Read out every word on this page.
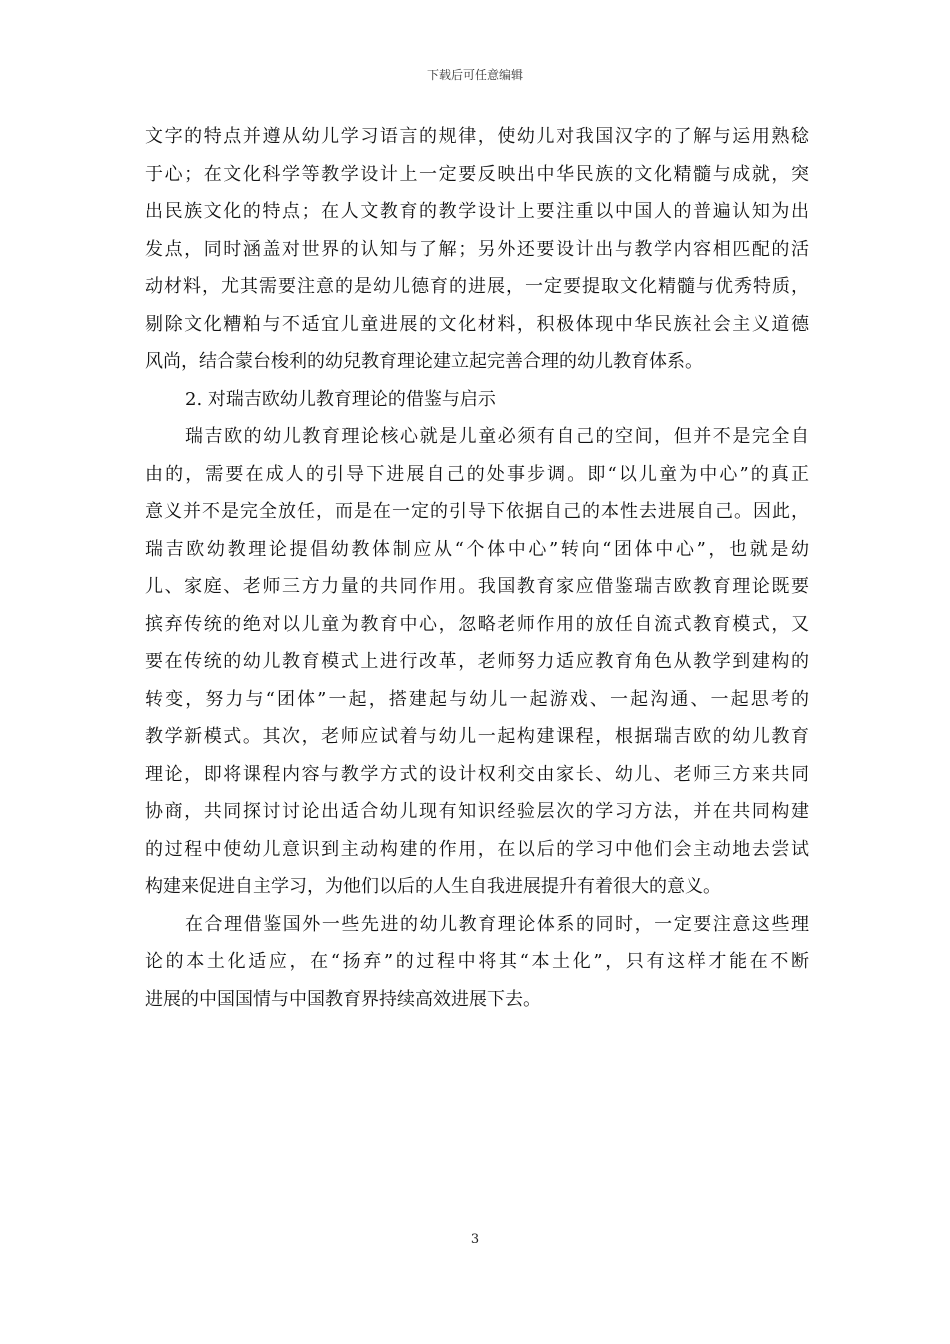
下载后可任意编辑
文字的特点并遵从幼儿学习语言的规律，使幼儿对我国汉字的了解与运用熟稔
于心；在文化科学等教学设计上一定要反映出中华民族的文化精髓与成就，突
出民族文化的特点；在人文教育的教学设计上要注重以中国人的普遍认知为出
发点，同时涵盖对世界的认知与了解；另外还要设计出与教学内容相匹配的活
动材料，尤其需要注意的是幼儿德育的进展，一定要提取文化精髓与优秀特质，
剔除文化糟粕与不适宜儿童进展的文化材料，积极体现中华民族社会主义道德
风尚，结合蒙台梭利的幼兒教育理论建立起完善合理的幼儿教育体系。
2. 对瑞吉欧幼儿教育理论的借鉴与启示
瑞吉欧的幼儿教育理论核心就是儿童必须有自己的空间，但并不是完全自
由的，需要在成人的引导下进展自己的处事步调。即“以儿童为中心”的真正
意义并不是完全放任，而是在一定的引导下依据自己的本性去进展自己。因此，
瑞吉欧幼教理论提倡幼教体制应从“个体中心”转向“团体中心”，也就是幼
儿、家庭、老师三方力量的共同作用。我国教育家应借鉴瑞吉欧教育理论既要
摈弃传统的绝对以儿童为教育中心，忽略老师作用的放任自流式教育模式，又
要在传统的幼儿教育模式上进行改革，老师努力适应教育角色从教学到建构的
转变，努力与“团体”一起，搭建起与幼儿一起游戏、一起沟通、一起思考的
教学新模式。其次，老师应试着与幼儿一起构建课程，根据瑞吉欧的幼儿教育
理论，即将课程内容与教学方式的设计权利交由家长、幼儿、老师三方来共同
协商，共同探讨讨论出适合幼儿现有知识经验层次的学习方法，并在共同构建
的过程中使幼儿意识到主动构建的作用，在以后的学习中他们会主动地去尝试
构建来促进自主学习，为他们以后的人生自我进展提升有着很大的意义。
在合理借鉴国外一些先进的幼儿教育理论体系的同时，一定要注意这些理
论的本土化适应，在“扬弃”的过程中将其“本土化”，只有这样才能在不断
进展的中国国情与中国教育界持续高效进展下去。
3
